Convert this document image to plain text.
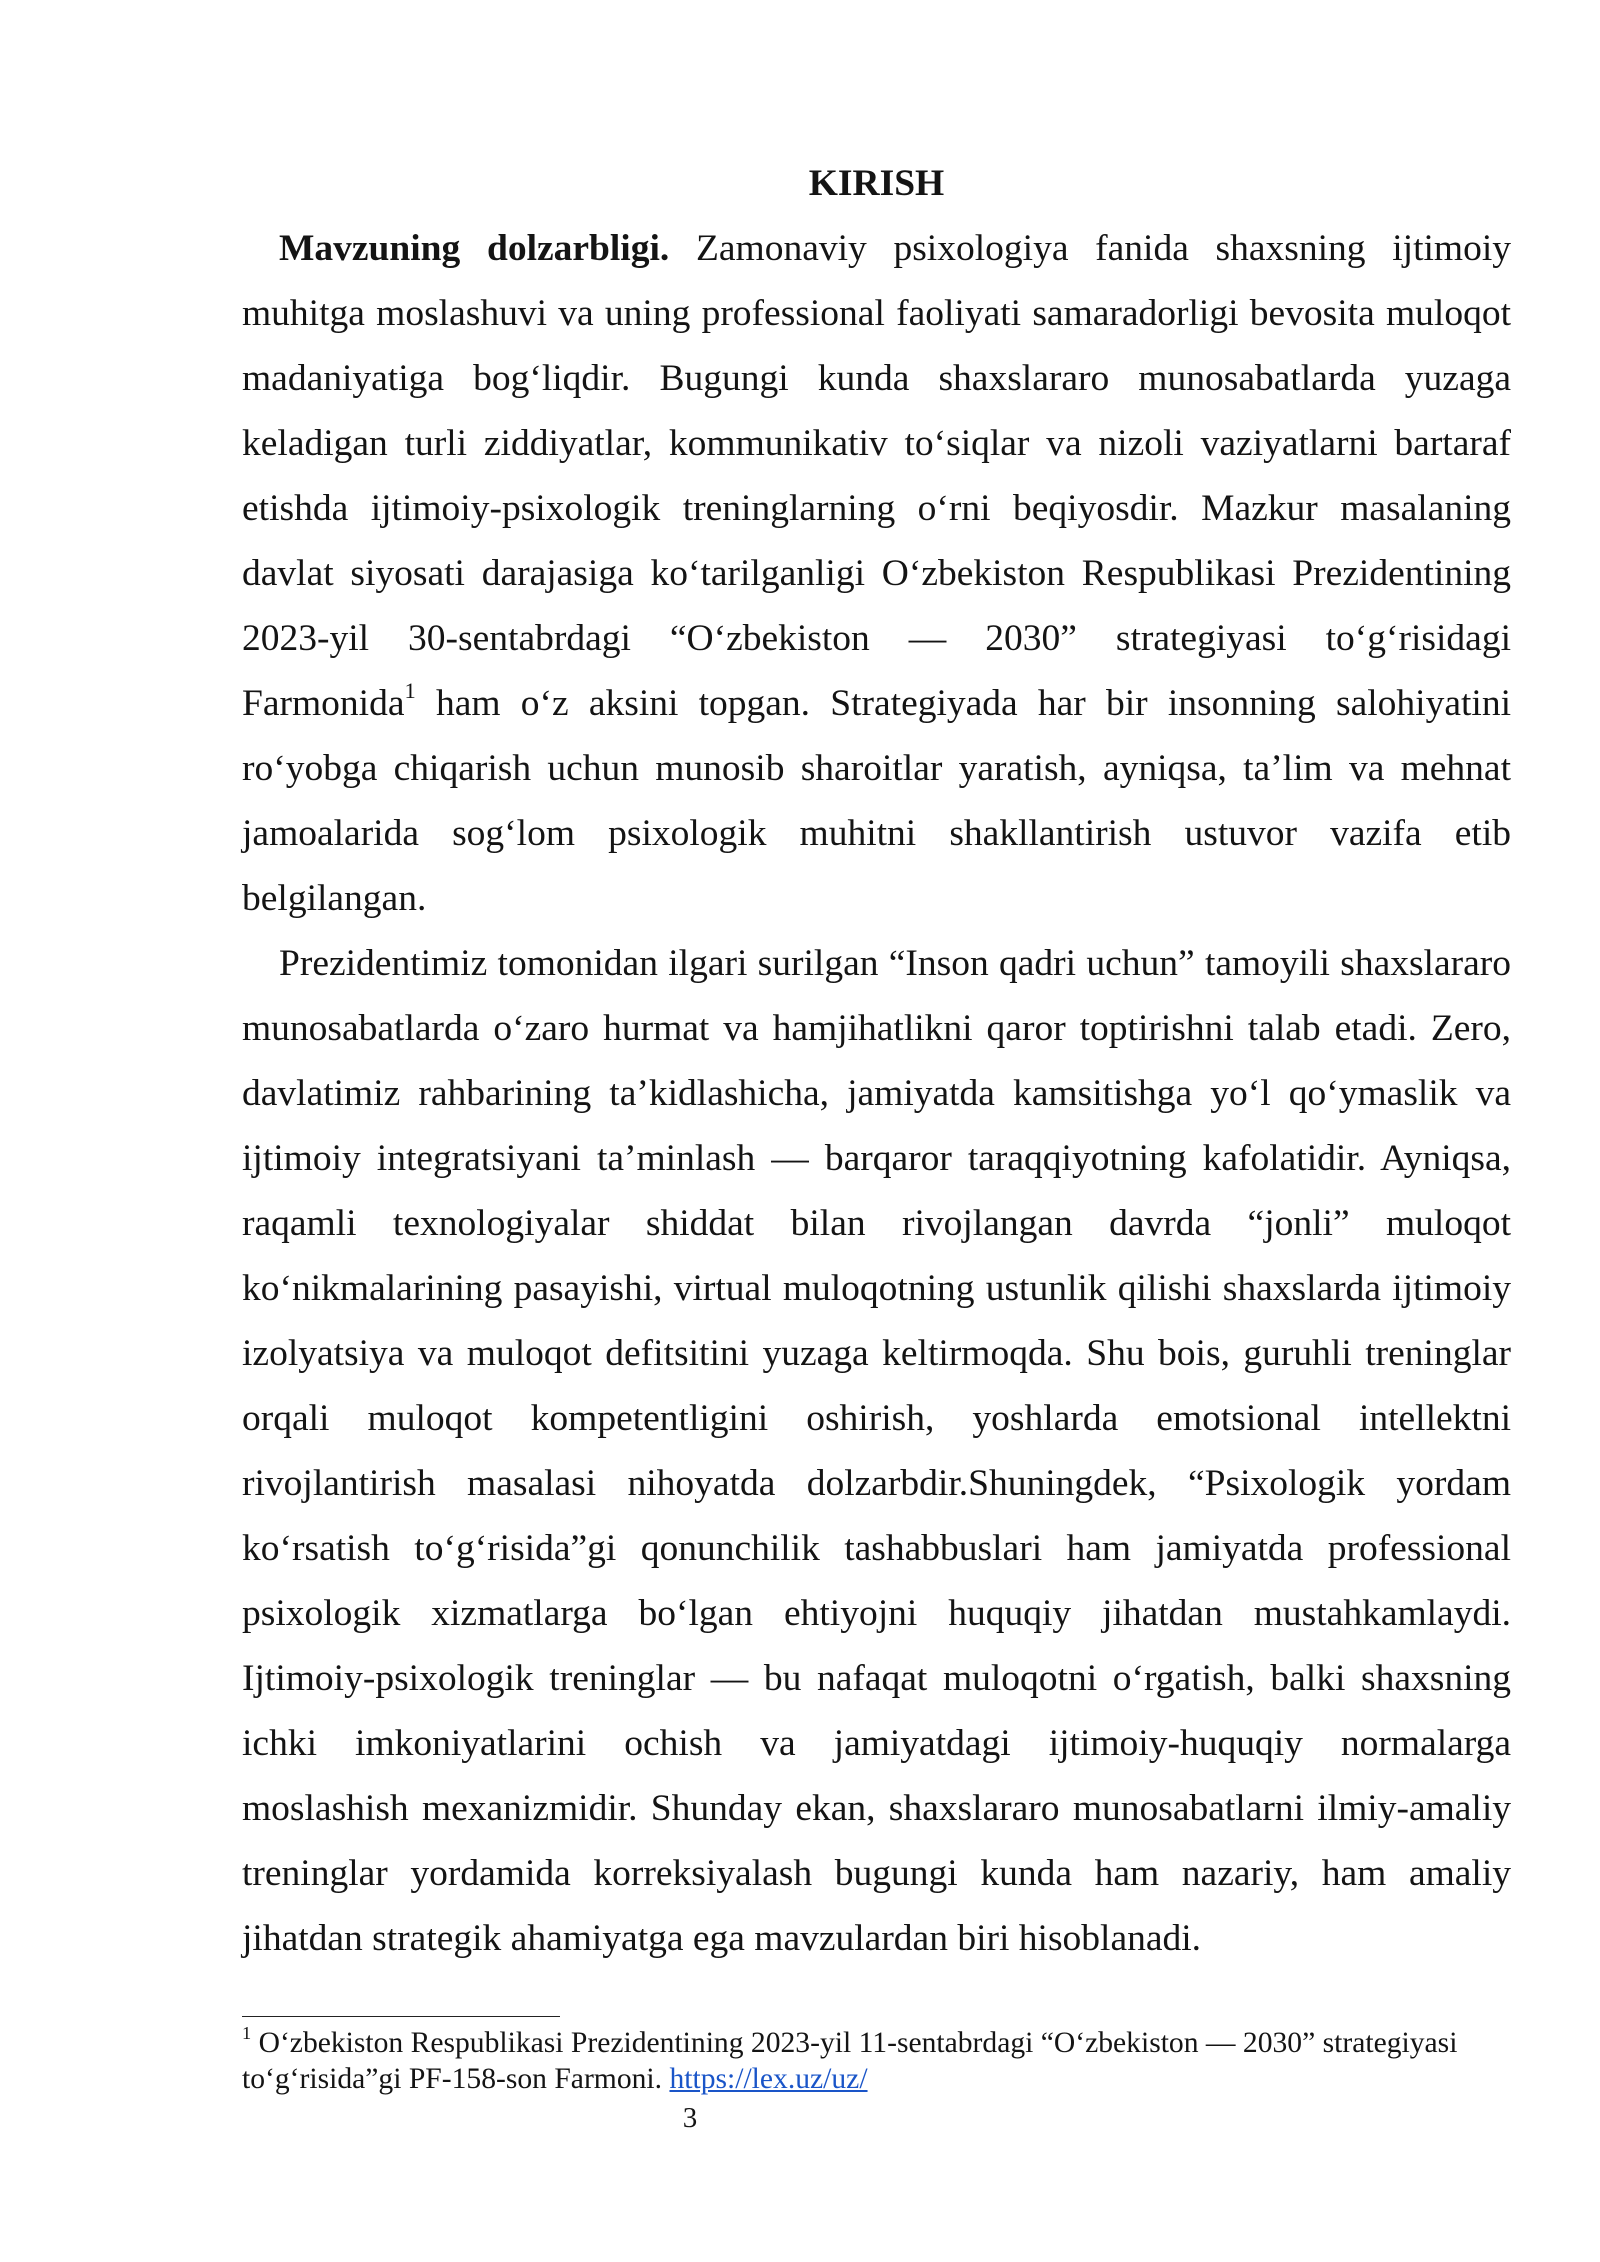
KIRISH
Mavzuning dolzarbligi. Zamonaviy psixologiya fanida shaxsning ijtimoiy
muhitga moslashuvi va uning professional faoliyati samaradorligi bevosita muloqot
madaniyatiga bog‘liqdir. Bugungi kunda shaxslararo munosabatlarda yuzaga
keladigan turli ziddiyatlar, kommunikativ to‘siqlar va nizoli vaziyatlarni bartaraf
etishda ijtimoiy-psixologik treninglarning o‘rni beqiyosdir. Mazkur masalaning
davlat siyosati darajasiga ko‘tarilganligi O‘zbekiston Respublikasi Prezidentining
2023-yil 30-sentabrdagi “O‘zbekiston — 2030” strategiyasi to‘g‘risidagi
Farmonida$^1$ ham o‘z aksini topgan. Strategiyada har bir insonning salohiyatini
ro‘yobga chiqarish uchun munosib sharoitlar yaratish, ayniqsa, ta’lim va mehnat
jamoalarida sog‘lom psixologik muhitni shakllantirish ustuvor vazifa etib
belgilangan.
Prezidentimiz tomonidan ilgari surilgan “Inson qadri uchun” tamoyili shaxslararo
munosabatlarda o‘zaro hurmat va hamjihatlikni qaror toptirishni talab etadi. Zero,
davlatimiz rahbarining ta’kidlashicha, jamiyatda kamsitishga yo‘l qo‘ymaslik va
ijtimoiy integratsiyani ta’minlash — barqaror taraqqiyotning kafolatidir. Ayniqsa,
raqamli texnologiyalar shiddat bilan rivojlangan davrda “jonli” muloqot
ko‘nikmalarining pasayishi, virtual muloqotning ustunlik qilishi shaxslarda ijtimoiy
izolyatsiya va muloqot defitsitini yuzaga keltirmoqda. Shu bois, guruhli treninglar
orqali muloqot kompetentligini oshirish, yoshlarda emotsional intellektni
rivojlantirish masalasi nihoyatda dolzarbdir.Shuningdek, “Psixologik yordam
ko‘rsatish to‘g‘risida”gi qonunchilik tashabbuslari ham jamiyatda professional
psixologik xizmatlarga bo‘lgan ehtiyojni huquqiy jihatdan mustahkamlaydi.
Ijtimoiy-psixologik treninglar — bu nafaqat muloqotni o‘rgatish, balki shaxsning
ichki imkoniyatlarini ochish va jamiyatdagi ijtimoiy-huquqiy normalarga
moslashish mexanizmidir. Shunday ekan, shaxslararo munosabatlarni ilmiy-amaliy
treninglar yordamida korreksiyalash bugungi kunda ham nazariy, ham amaliy
jihatdan strategik ahamiyatga ega mavzulardan biri hisoblanadi.
$^1$ O‘zbekiston Respublikasi Prezidentining 2023-yil 11-sentabrdagi “O‘zbekiston — 2030” strategiyasi
to‘g‘risida”gi PF-158-son Farmoni. https://lex.uz/uz/
3
